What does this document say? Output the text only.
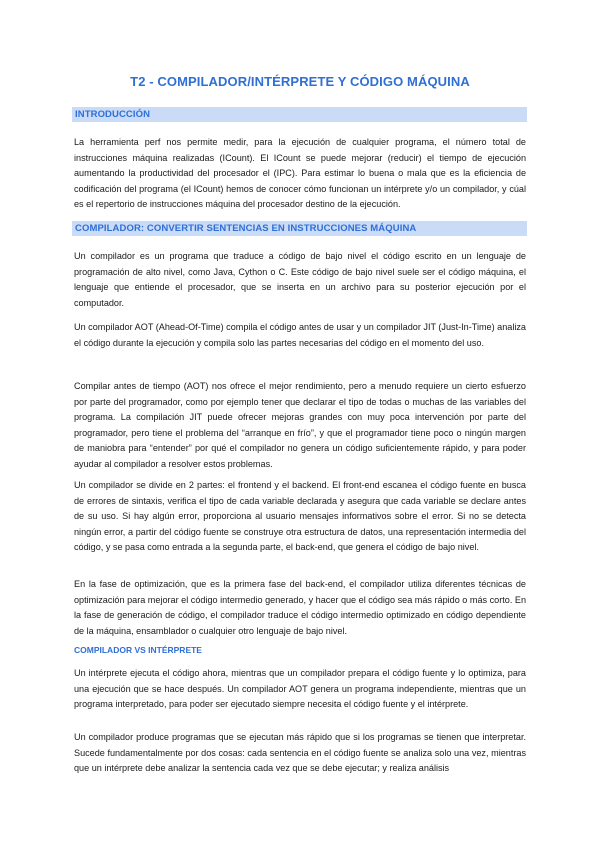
T2 - COMPILADOR/INTÉRPRETE Y CÓDIGO MÁQUINA
INTRODUCCIÓN

La herramienta perf nos permite medir, para la ejecución de cualquier programa, el número total de instrucciones máquina realizadas (ICount). El ICount se puede mejorar (reducir) el tiempo de ejecución aumentando la productividad del procesador el (IPC). Para estimar lo buena o mala que es la eficiencia de codificación del programa (el ICount) hemos de conocer cómo funcionan un intérprete y/o un compilador, y cúal es el repertorio de instrucciones máquina del procesador destino de la ejecución.

COMPILADOR: CONVERTIR SENTENCIAS EN INSTRUCCIONES MÁQUINA

Un compilador es un programa que traduce a código de bajo nivel el código escrito en un lenguaje de programación de alto nivel, como Java, Cython o C. Este código de bajo nivel suele ser el código máquina, el lenguaje que entiende el procesador, que se inserta en un archivo para su posterior ejecución por el computador.

Un compilador AOT (Ahead-Of-Time) compila el código antes de usar y un compilador JIT (Just-In-Time) analiza el código durante la ejecución y compila solo las partes necesarias del código en el momento del uso.

Compilar antes de tiempo (AOT) nos ofrece el mejor rendimiento, pero a menudo requiere un cierto esfuerzo por parte del programador, como por ejemplo tener que declarar el tipo de todas o muchas de las variables del programa. La compilación JIT puede ofrecer mejoras grandes con muy poca intervención por parte del programador, pero tiene el problema del “arranque en frío”, y que el programador tiene poco o ningún margen de maniobra para “entender” por qué el compilador no genera un código suficientemente rápido, y para poder ayudar al compilador a resolver estos problemas.

Un compilador se divide en 2 partes: el frontend y el backend. El front-end escanea el código fuente en busca de errores de sintaxis, verifica el tipo de cada variable declarada y asegura que cada variable se declare antes de su uso. Si hay algún error, proporciona al usuario mensajes informativos sobre el error. Si no se detecta ningún error, a partir del código fuente se construye otra estructura de datos, una representación intermedia del código, y se pasa como entrada a la segunda parte, el back-end, que genera el código de bajo nivel.

En la fase de optimización, que es la primera fase del back-end, el compilador utiliza diferentes técnicas de optimización para mejorar el código intermedio generado, y hacer que el código sea más rápido o más corto. En la fase de generación de código, el compilador traduce el código intermedio optimizado en código dependiente de la máquina, ensamblador o cualquier otro lenguaje de bajo nivel.

COMPILADOR VS INTÉRPRETE

Un intérprete ejecuta el código ahora, mientras que un compilador prepara el código fuente y lo optimiza, para una ejecución que se hace después. Un compilador AOT genera un programa independiente, mientras que un programa interpretado, para poder ser ejecutado siempre necesita el código fuente y el intérprete.

Un compilador produce programas que se ejecutan más rápido que si los programas se tienen que interpretar. Sucede fundamentalmente por dos cosas: cada sentencia en el código fuente se analiza solo una vez, mientras que un intérprete debe analizar la sentencia cada vez que se debe ejecutar; y realiza análisis
